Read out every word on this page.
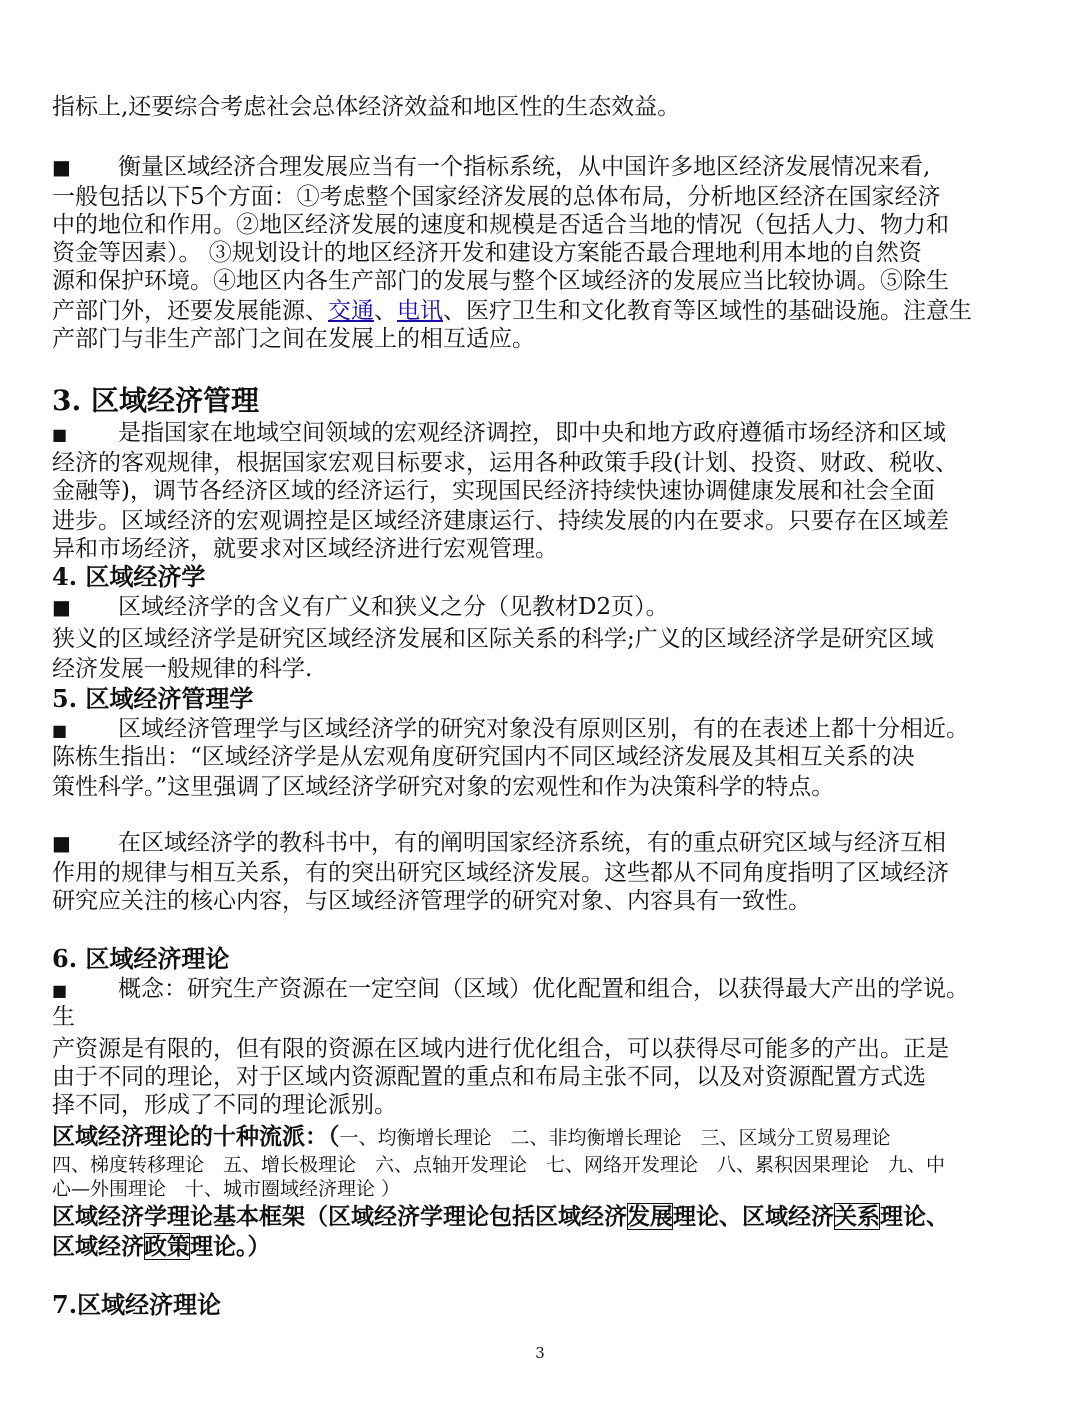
指标上,还要综合考虑社会总体经济效益和地区性的生态效益。
■ 衡量区域经济合理发展应当有一个指标系统，从中国许多地区经济发展情况来看,
一般包括以下5个方面：①考虑整个国家经济发展的总体布局，分析地区经济在国家经济
中的地位和作用。②地区经济发展的速度和规模是否适合当地的情况（包括人力、物力和
资金等因素）。 ③规划设计的地区经济开发和建设方案能否最合理地利用本地的自然资
源和保护环境。④地区内各生产部门的发展与整个区域经济的发展应当比较协调。⑤除生
产部门外，还要发展能源、交通、电讯、医疗卫生和文化教育等区域性的基础设施。注意生
产部门与非生产部门之间在发展上的相互适应。
3. 区域经济管理
■ 是指国家在地域空间领域的宏观经济调控，即中央和地方政府遵循市场经济和区域
经济的客观规律，根据国家宏观目标要求，运用各种政策手段(计划、投资、财政、税收、
金融等)，调节各经济区域的经济运行，实现国民经济持续快速协调健康发展和社会全面
进步。区域经济的宏观调控是区域经济建康运行、持续发展的内在要求。只要存在区域差
异和市场经济，就要求对区域经济进行宏观管理。
4. 区域经济学
■ 区域经济学的含义有广义和狭义之分（见教材D2页）。
狭义的区域经济学是研究区域经济发展和区际关系的科学;广义的区域经济学是研究区域
经济发展一般规律的科学.
5. 区域经济管理学
■ 区域经济管理学与区域经济学的研究对象没有原则区别，有的在表述上都十分相近。
陈栋生指出：“区域经济学是从宏观角度研究国内不同区域经济发展及其相互关系的决
策性科学。”这里强调了区域经济学研究对象的宏观性和作为决策科学的特点。
■ 在区域经济学的教科书中，有的阐明国家经济系统，有的重点研究区域与经济互相
作用的规律与相互关系，有的突出研究区域经济发展。这些都从不同角度指明了区域经济
研究应关注的核心内容，与区域经济管理学的研究对象、内容具有一致性。
6. 区域经济理论
■ 概念：研究生产资源在一定空间（区域）优化配置和组合，以获得最大产出的学说。
生
产资源是有限的，但有限的资源在区域内进行优化组合，可以获得尽可能多的产出。正是
由于不同的理论，对于区域内资源配置的重点和布局主张不同，以及对资源配置方式选
择不同，形成了不同的理论派别。
区域经济理论的十种流派：（一、均衡增长理论　二、非均衡增长理论　三、区域分工贸易理论
四、梯度转移理论　五、增长极理论　六、点轴开发理论　七、网络开发理论　八、累积因果理论　九、中
心—外围理论　十、城市圈域经济理论 ）
区域经济学理论基本框架（区域经济学理论包括区域经济发展理论、区域经济关系理论、
区域经济政策理论。）
7.区域经济理论
3
